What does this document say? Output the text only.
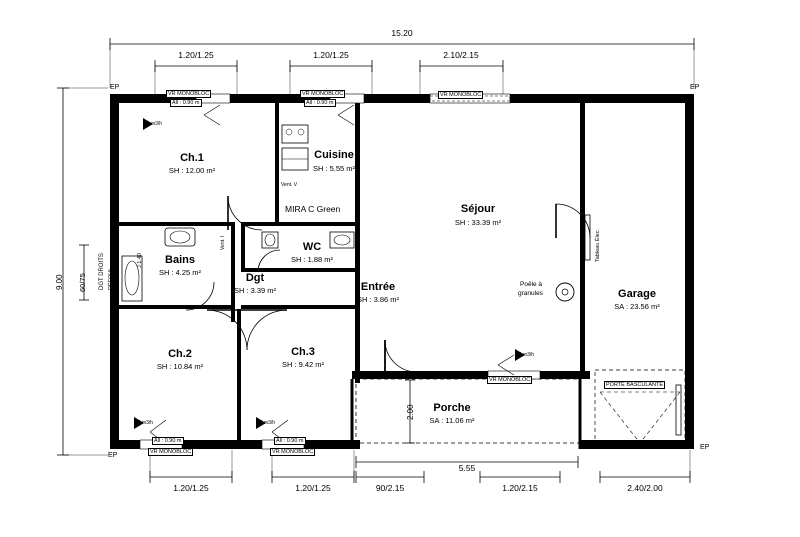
15.20
1.20/1.25	1.20/1.25	2.10/2.15
9.00 60/75 DGT DROITS DÉFOUL
1.20/1.25	1.20/1.25	90/2.15	1.20/2.15	2.40/2.00
5.55
2.00
EP	EP
EP
EP
MIRA C Green
Ch.1
SH : 12.00 m²
Cuisine
SH : 5.55 m²
Séjour
SH : 33.39 m²
Bains
SH : 4.25 m²
WC
SH : 1.88 m²
Dgt
SH : 3.39 m²	Entrée
SH : 3.86 m²	Garage
SA : 23.56 m²
Ch.2
SH : 10.84 m²
Ch.3
SH : 9.42 m²
Porche
SA : 11.06 m²
Poêle à
granules
PORTE BASCULANTE
Tableau Élec.
Depuracir
Vent. V
Vent. I
J 1.40
VR MONOBLOC
All : 0.90 m
VR MONOBLOC
All : 0.90 m
VR MONOBLOC
VR MONOBLOC
VR MONOBLOC
All : 0.90 m
VR MONOBLOC
All : 0.90 m
30 m3/h
30 m3/h	30 m3/h
60 m3/h
